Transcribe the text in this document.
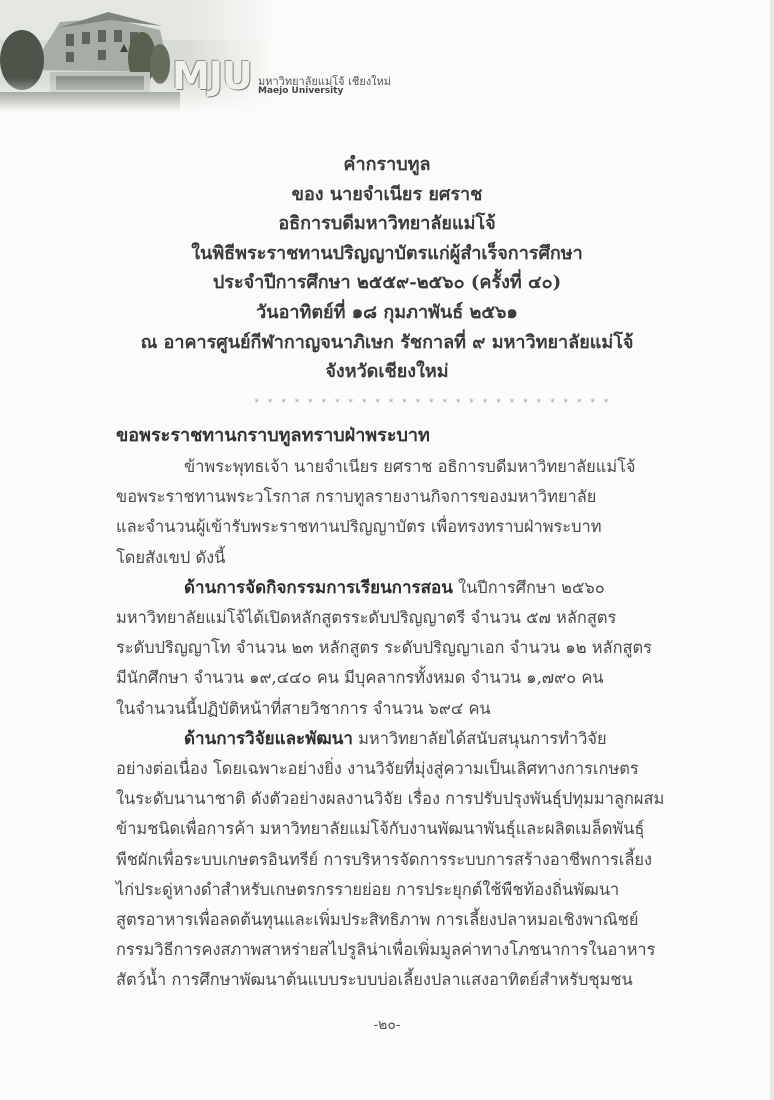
MJU มหาวิทยาลัยแม่โจ้ เชียงใหม่
Maejo University
คำกราบทูล
ของ นายจำเนียร ยศราช
อธิการบดีมหาวิทยาลัยแม่โจ้
ในพิธีพระราชทานปริญญาบัตรแก่ผู้สำเร็จการศึกษา
ประจำปีการศึกษา ๒๕๕๙-๒๕๖๐ (ครั้งที่ ๔๐)
วันอาทิตย์ที่ ๑๘ กุมภาพันธ์ ๒๕๖๑
ณ อาคารศูนย์กีฬากาญจนาภิเษก รัชกาลที่ ๙ มหาวิทยาลัยแม่โจ้
จังหวัดเชียงใหม่
* * * * * * * * * * * * * * * * * * * * * * * * * * *
ขอพระราชทานกราบทูลทราบฝ่าพระบาท
ข้าพระพุทธเจ้า นายจำเนียร ยศราช อธิการบดีมหาวิทยาลัยแม่โจ้
ขอพระราชทานพระวโรกาส กราบทูลรายงานกิจการของมหาวิทยาลัย
และจำนวนผู้เข้ารับพระราชทานปริญญาบัตร เพื่อทรงทราบฝ่าพระบาท
โดยสังเขป ดังนี้
ด้านการจัดกิจกรรมการเรียนการสอน ในปีการศึกษา ๒๕๖๐
มหาวิทยาลัยแม่โจ้ได้เปิดหลักสูตรระดับปริญญาตรี จำนวน ๕๗ หลักสูตร
ระดับปริญญาโท จำนวน ๒๓ หลักสูตร ระดับปริญญาเอก จำนวน ๑๒ หลักสูตร
มีนักศึกษา จำนวน ๑๙,๔๔๐ คน มีบุคลากรทั้งหมด จำนวน ๑,๗๙๐ คน
ในจำนวนนี้ปฏิบัติหน้าที่สายวิชาการ จำนวน ๖๙๔ คน
ด้านการวิจัยและพัฒนา มหาวิทยาลัยได้สนับสนุนการทำวิจัย
อย่างต่อเนื่อง โดยเฉพาะอย่างยิ่ง งานวิจัยที่มุ่งสู่ความเป็นเลิศทางการเกษตร
ในระดับนานาชาติ ดังตัวอย่างผลงานวิจัย เรื่อง การปรับปรุงพันธุ์ปทุมมาลูกผสม
ข้ามชนิดเพื่อการค้า มหาวิทยาลัยแม่โจ้กับงานพัฒนาพันธุ์และผลิตเมล็ดพันธุ์
พืชผักเพื่อระบบเกษตรอินทรีย์ การบริหารจัดการระบบการสร้างอาชีพการเลี้ยง
ไก่ประดู่หางดำสำหรับเกษตรกรรายย่อย การประยุกต์ใช้พืชท้องถิ่นพัฒนา
สูตรอาหารเพื่อลดต้นทุนและเพิ่มประสิทธิภาพ การเลี้ยงปลาหมอเชิงพาณิชย์
กรรมวิธีการคงสภาพสาหร่ายสไปรูลิน่าเพื่อเพิ่มมูลค่าทางโภชนาการในอาหาร
สัตว์น้ำ การศึกษาพัฒนาต้นแบบระบบบ่อเลี้ยงปลาแสงอาทิตย์สำหรับชุมชน
-๒๐-
